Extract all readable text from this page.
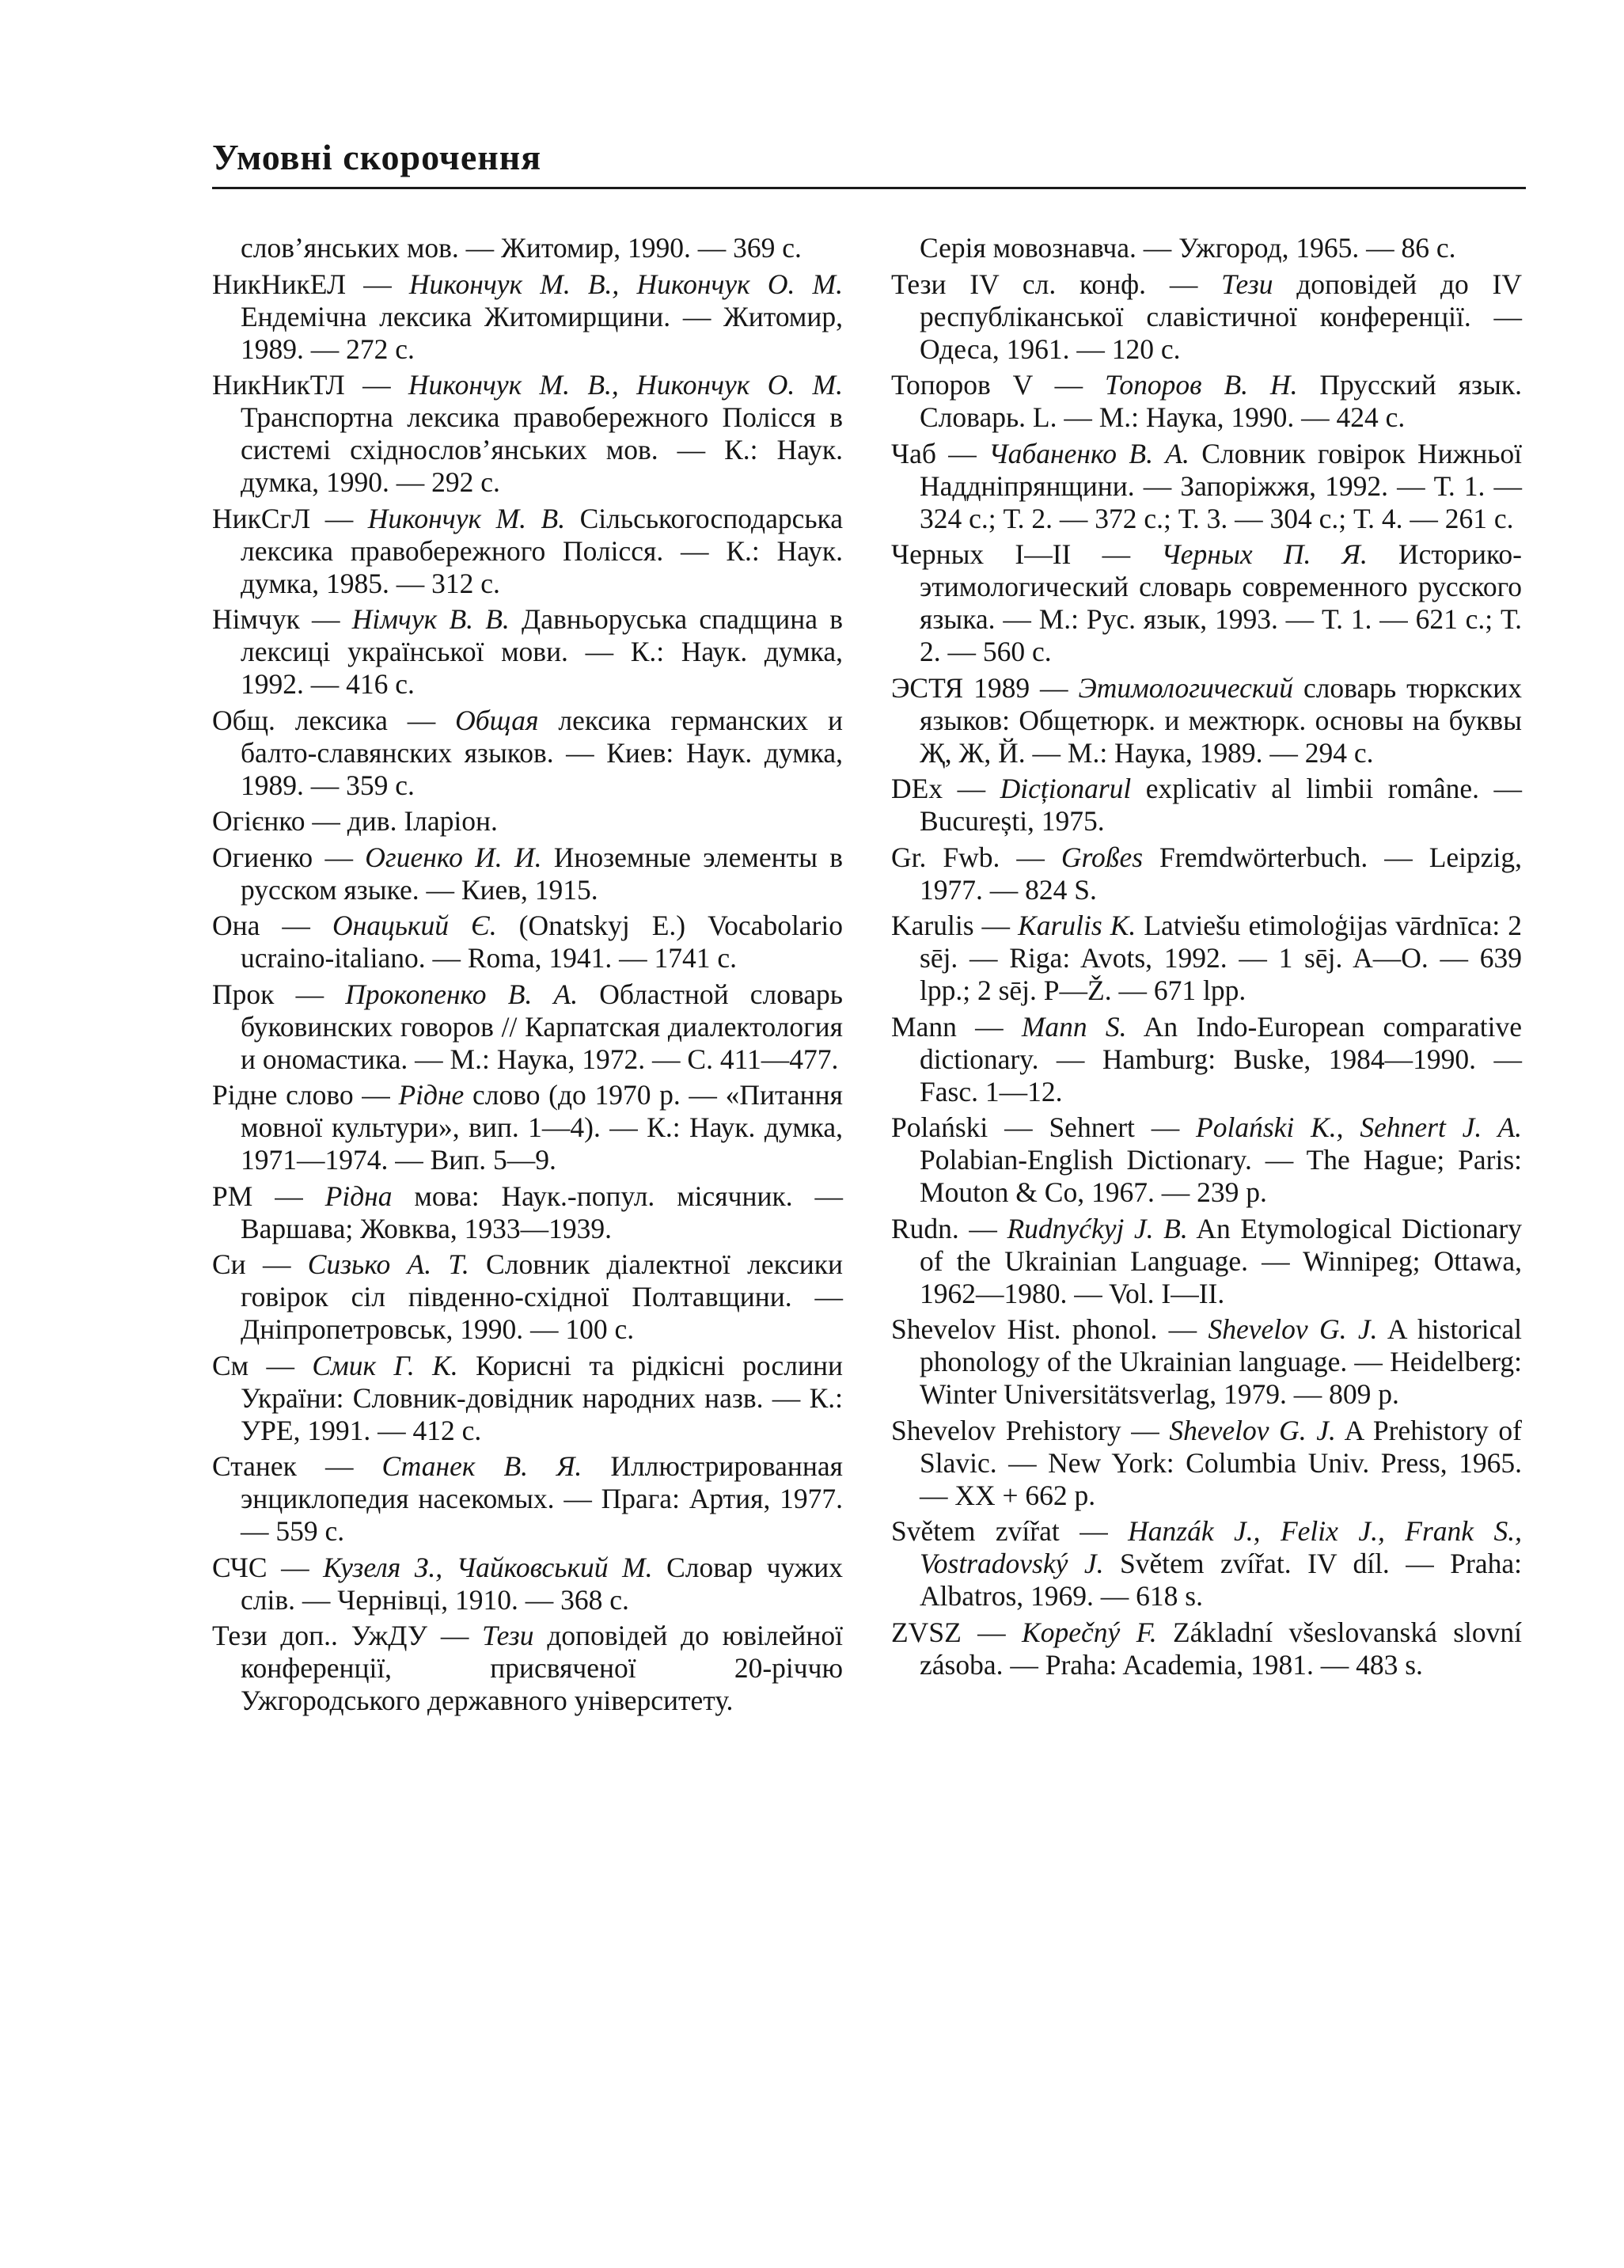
Умовні скорочення

слов’янських мов. — Житомир, 1990. — 369 с.

НикНикЕЛ — Никончук М. В., Никончук О. М. Ендемічна лексика Житомирщини. — Житомир, 1989. — 272 с.

НикНикТЛ — Никончук М. В., Никончук О. М. Транспортна лексика правобережного Полісся в системі східнослов’янських мов. — К.: Наук. думка, 1990. — 292 с.

НикСгЛ — Никончук М. В. Сільськогосподарська лексика правобережного Полісся. — К.: Наук. думка, 1985. — 312 с.

Німчук — Німчук В. В. Давньоруська спадщина в лексиці української мови. — К.: Наук. думка, 1992. — 416 с.

Общ. лексика — Общая лексика германских и балто-славянских языков. — Киев: Наук. думка, 1989. — 359 с.

Огієнко — див. Іларіон.

Огиенко — Огиенко И. И. Иноземные элементы в русском языке. — Киев, 1915.

Она — Онацький Є. (Onatskyj E.) Vocabolario ucraino-italiano. — Roma, 1941. — 1741 с.

Прок — Прокопенко В. А. Областной словарь буковинских говоров // Карпатская диалектология и ономастика. — М.: Наука, 1972. — С. 411—477.

Рідне слово — Рідне слово (до 1970 р. — «Питання мовної культури», вип. 1—4). — К.: Наук. думка, 1971—1974. — Вип. 5—9.

РМ — Рідна мова: Наук.-попул. місячник. — Варшава; Жовква, 1933—1939.

Си — Сизько А. Т. Словник діалектної лексики говірок сіл південно-східної Полтавщини. — Дніпропетровськ, 1990. — 100 с.

См — Смик Г. К. Корисні та рідкісні рослини України: Словник-довідник народних назв. — К.: УРЕ, 1991. — 412 с.

Станек — Станек В. Я. Иллюстрированная энциклопедия насекомых. — Прага: Артия, 1977. — 559 с.

СЧС — Кузеля З., Чайковський М. Словар чужих слів. — Чернівці, 1910. — 368 с.

Тези доп.. УжДУ — Тези доповідей до ювілейної конференції, присвяченої 20-річчю Ужгородського державного університету.

Серія мовознавча. — Ужгород, 1965. — 86 с.

Тези IV сл. конф. — Тези доповідей до IV республіканської славістичної конференції. — Одеса, 1961. — 120 с.

Топоров V — Топоров В. Н. Прусский язык. Словарь. L. — М.: Наука, 1990. — 424 с.

Чаб — Чабаненко В. А. Словник говірок Нижньої Наддніпрянщини. — Запоріжжя, 1992. — Т. 1. — 324 с.; Т. 2. — 372 с.; Т. 3. — 304 с.; Т. 4. — 261 с.

Черных I—II — Черных П. Я. Историко-этимологический словарь современного русского языка. — М.: Рус. язык, 1993. — Т. 1. — 621 с.; Т. 2. — 560 с.

ЭСТЯ 1989 — Этимологический словарь тюркских языков: Общетюрк. и межтюрк. основы на буквы Җ, Ж, Й. — М.: Наука, 1989. — 294 с.

DEx — Dicționarul explicativ al limbii române. — București, 1975.

Gr. Fwb. — Großes Fremdwörterbuch. — Leipzig, 1977. — 824 S.

Karulis — Karulis K. Latviešu etimoloģijas vārdnīca: 2 sēj. — Riga: Avots, 1992. — 1 sēj. A—O. — 639 lpp.; 2 sēj. P—Ž. — 671 lpp.

Mann — Mann S. An Indo-European comparative dictionary. — Hamburg: Buske, 1984—1990. — Fasc. 1—12.

Polański — Sehnert — Polański K., Sehnert J. A. Polabian-English Dictionary. — The Hague; Paris: Mouton & Co, 1967. — 239 p.

Rudn. — Rudnyćkyj J. B. An Etymological Dictionary of the Ukrainian Language. — Winnipeg; Ottawa, 1962—1980. — Vol. I—II.

Shevelov Hist. phonol. — Shevelov G. J. A historical phonology of the Ukrainian language. — Heidelberg: Winter Universitätsverlag, 1979. — 809 p.

Shevelov Prehistory — Shevelov G. J. A Prehistory of Slavic. — New York: Columbia Univ. Press, 1965. — XX + 662 p.

Světem zvířat — Hanzák J., Felix J., Frank S., Vostradovský J. Světem zvířat. IV díl. — Praha: Albatros, 1969. — 618 s.

ZVSZ — Kopečný F. Základní všeslovanská slovní zásoba. — Praha: Academia, 1981. — 483 s.
